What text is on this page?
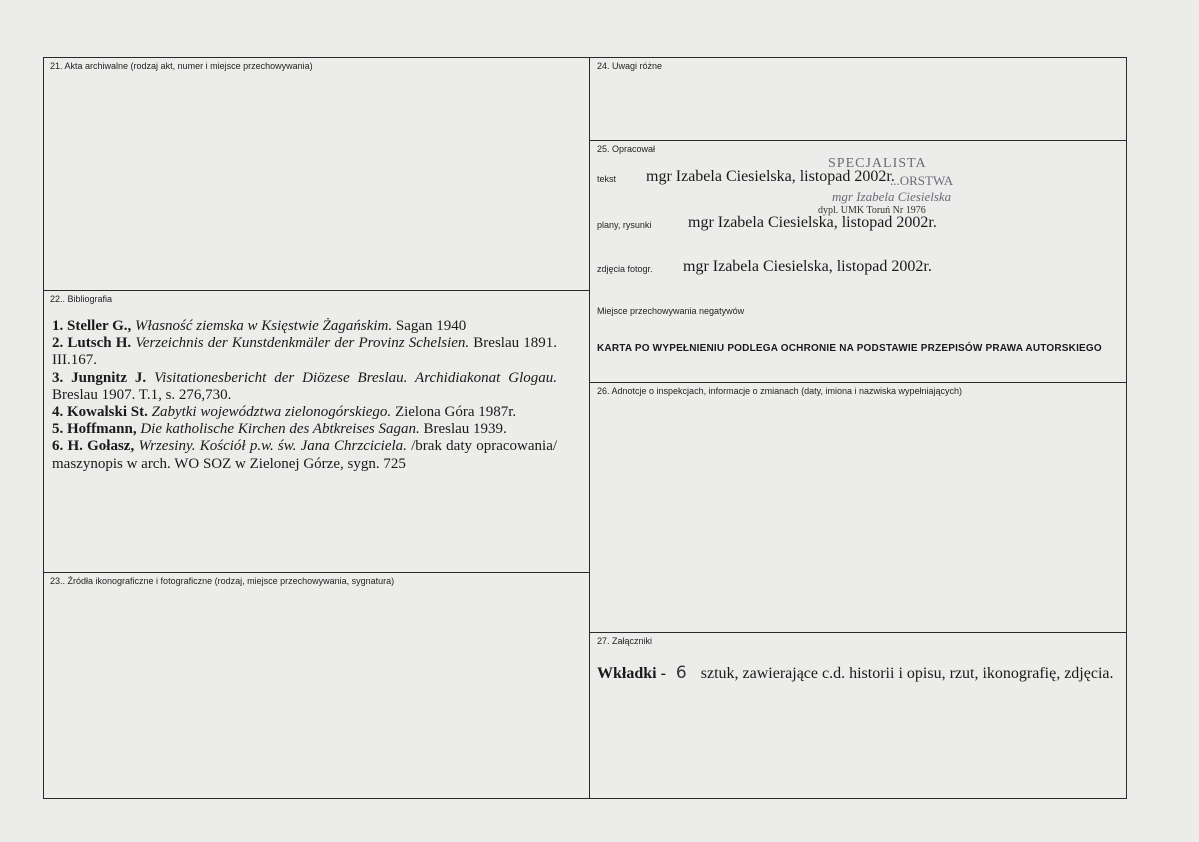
21. Akta archiwalne (rodzaj akt, numer i miejsce przechowywania)
22.. Bibliografia

1. Steller G., Własność ziemska w Księstwie Żagańskim. Sagan 1940

2. Lutsch H. Verzeichnis der Kunstdenkmäler der Provinz Schelsien. Breslau 1891. III.167.

3. Jungnitz J. Visitationesbericht der Diözese Breslau. Archidiakonat Glogau. Breslau 1907. T.1, s. 276,730.

4. Kowalski St. Zabytki województwa zielonogórskiego. Zielona Góra 1987r.

5. Hoffmann, Die katholische Kirchen des Abtkreises Sagan. Breslau 1939.

6. H. Gołasz, Wrzesiny. Kościół p.w. św. Jana Chrzciciela. /brak daty opracowania/ maszynopis w arch. WO SOZ w Zielonej Górze, sygn. 725

23.. Źródła ikonograficzne i fotograficzne (rodzaj, miejsce przechowywania, sygnatura)
24. Uwagi różne
25. Opracował
SPECJALISTA
...ORSTWA
mgr Izabela Ciesielska
dypl. UMK Toruń Nr 1976
tekst mgr Izabela Ciesielska, listopad 2002r.
plany, rysunki mgr Izabela Ciesielska, listopad 2002r.
zdjęcia fotogr. mgr Izabela Ciesielska, listopad 2002r.
Miejsce przechowywania negatywów
KARTA PO WYPEŁNIENIU PODLEGA OCHRONIE NA PODSTAWIE PRZEPISÓW PRAWA AUTORSKIEGO
26. Adnotcje o inspekcjach, informacje o zmianach (daty, imiona i nazwiska wypełniających)
27. Załączniki
Wkładki - 6 sztuk, zawierające c.d. historii i opisu, rzut, ikonografię, zdjęcia.
